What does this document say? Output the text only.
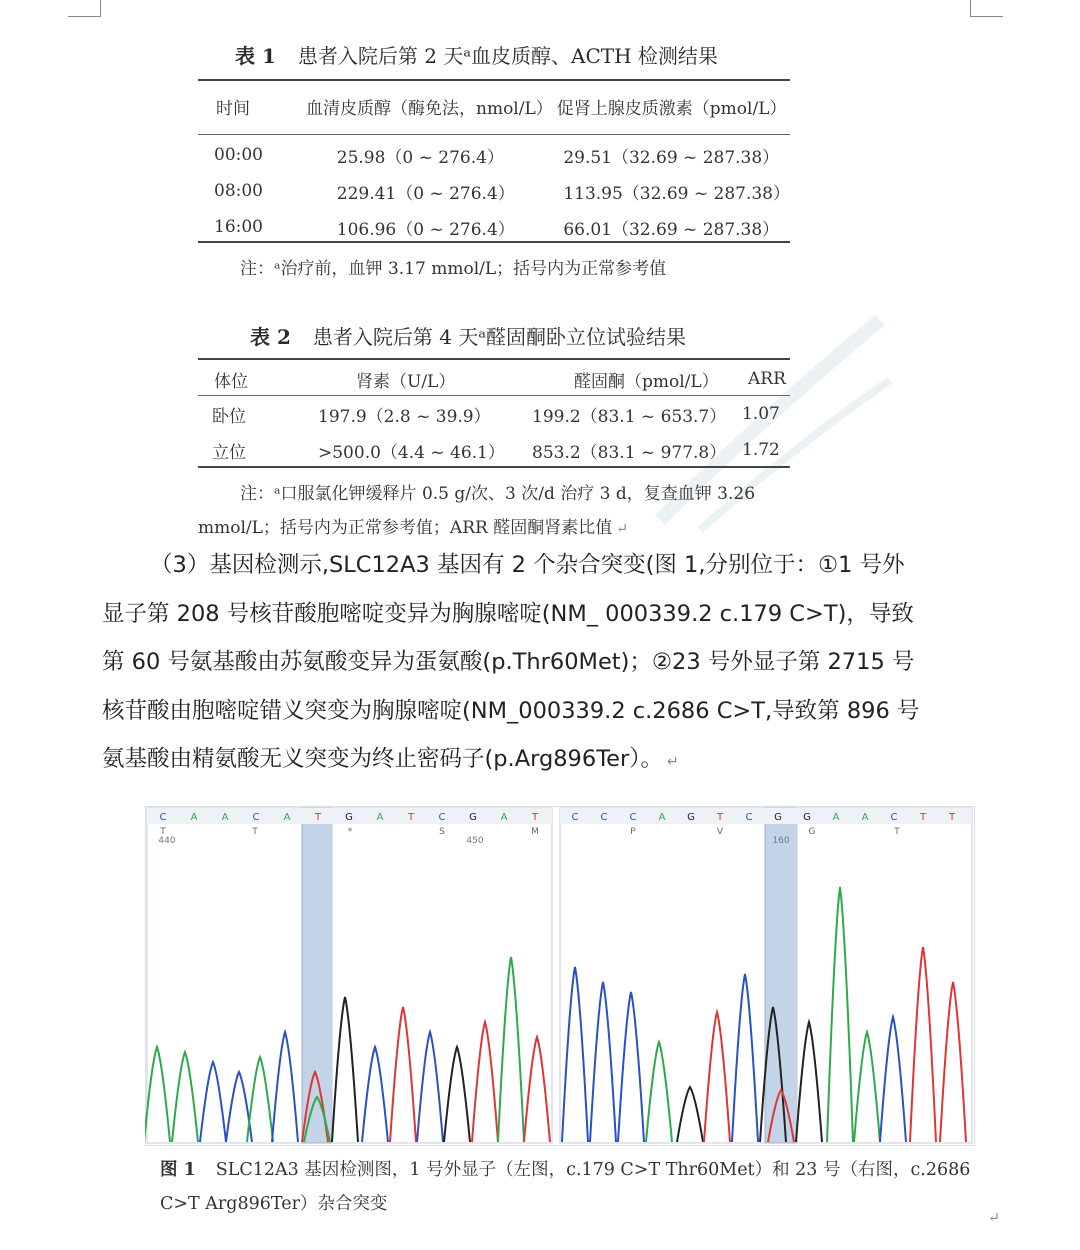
表 1 患者入院后第 2 天ᵃ血皮质醇、ACTH 检测结果
时间	血清皮质醇（酶免法，nmol/L）	促肾上腺皮质激素（pmol/L）
00:00	25.98（0 ~ 276.4）	29.51（32.69 ~ 287.38）
08:00	229.41（0 ~ 276.4）	113.95（32.69 ~ 287.38）
16:00	106.96（0 ~ 276.4）	66.01（32.69 ~ 287.38）
注：ᵃ治疗前，血钾 3.17 mmol/L；括号内为正常参考值
表 2 患者入院后第 4 天ᵃ醛固酮卧立位试验结果
体位	肾素（U/L）	醛固酮（pmol/L）	ARR
卧位	197.9（2.8 ~ 39.9）	199.2（83.1 ~ 653.7）	1.07
立位	>500.0（4.4 ~ 46.1）	853.2（83.1 ~ 977.8）	1.72
注：ᵃ口服氯化钾缓释片 0.5 g/次、3 次/d 治疗 3 d，复查血钾 3.26
mmol/L；括号内为正常参考值；ARR 醛固酮肾素比值 ↵
（3）基因检测示,SLC12A3 基因有 2 个杂合突变(图 1,分别位于：①1 号外
显子第 208 号核苷酸胞嘧啶变异为胸腺嘧啶(NM_ 000339.2 c.179 C>T)，导致
第 60 号氨基酸由苏氨酸变异为蛋氨酸(p.Thr60Met)；②23 号外显子第 2715 号
核苷酸由胞嘧啶错义突变为胸腺嘧啶(NM_000339.2 c.2686 C>T,导致第 896 号
氨基酸由精氨酸无义突变为终止密码子(p.Arg896Ter）。 ↵
C A A C A T G A T C G A T
T	T	*	S	M
440	450
C C C A G T C G G A A C T T
P	V	G	T
160
图 1 SLC12A3 基因检测图，1 号外显子（左图，c.179 C>T Thr60Met）和 23 号（右图，c.2686
C>T Arg896Ter）杂合突变
↵
